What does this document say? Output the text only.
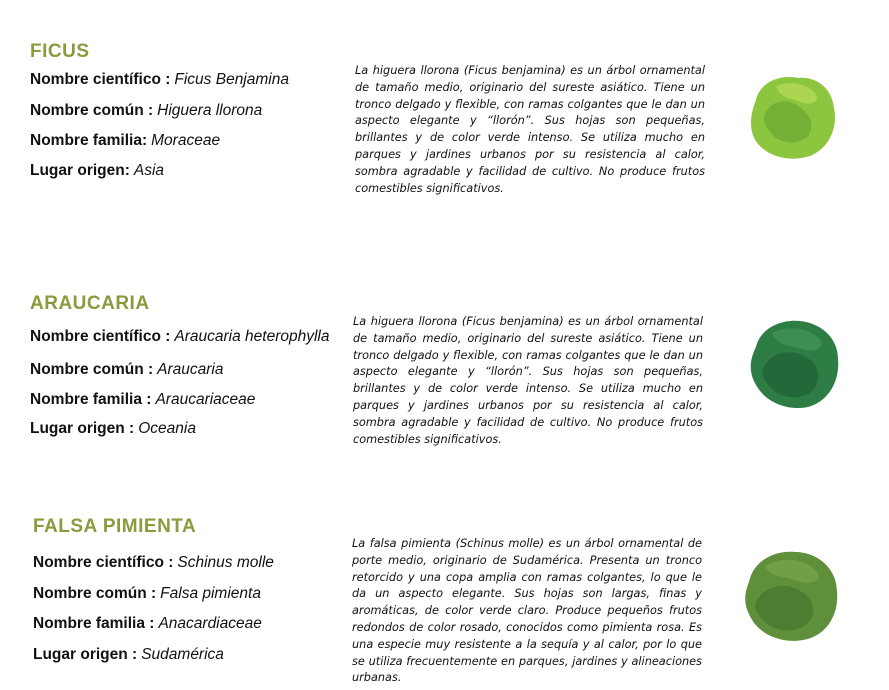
FICUS
Nombre científico : Ficus Benjamina
Nombre común : Higuera llorona
Nombre familia: Moraceae
Lugar origen: Asia
La higuera llorona (Ficus benjamina) es un árbol ornamental de tamaño medio, originario del sureste asiático. Tiene un tronco delgado y flexible, con ramas colgantes que le dan un aspecto elegante y “llorón”. Sus hojas son pequeñas, brillantes y de color verde intenso. Se utiliza mucho en parques y jardines urbanos por su resistencia al calor, sombra agradable y facilidad de cultivo. No produce frutos comestibles significativos.
ARAUCARIA
Nombre científico : Araucaria heterophylla
Nombre común : Araucaria
Nombre familia : Araucariaceae
Lugar origen : Oceania
La higuera llorona (Ficus benjamina) es un árbol ornamental de tamaño medio, originario del sureste asiático. Tiene un tronco delgado y flexible, con ramas colgantes que le dan un aspecto elegante y “llorón”. Sus hojas son pequeñas, brillantes y de color verde intenso. Se utiliza mucho en parques y jardines urbanos por su resistencia al calor, sombra agradable y facilidad de cultivo. No produce frutos comestibles significativos.
FALSA PIMIENTA
Nombre científico : Schinus molle
Nombre común : Falsa pimienta
Nombre familia : Anacardiaceae
Lugar origen : Sudamérica
La falsa pimienta (Schinus molle) es un árbol ornamental de porte medio, originario de Sudamérica. Presenta un tronco retorcido y una copa amplia con ramas colgantes, lo que le da un aspecto elegante. Sus hojas son largas, finas y aromáticas, de color verde claro. Produce pequeños frutos redondos de color rosado, conocidos como pimienta rosa. Es una especie muy resistente a la sequía y al calor, por lo que se utiliza frecuentemente en parques, jardines y alineaciones urbanas.
